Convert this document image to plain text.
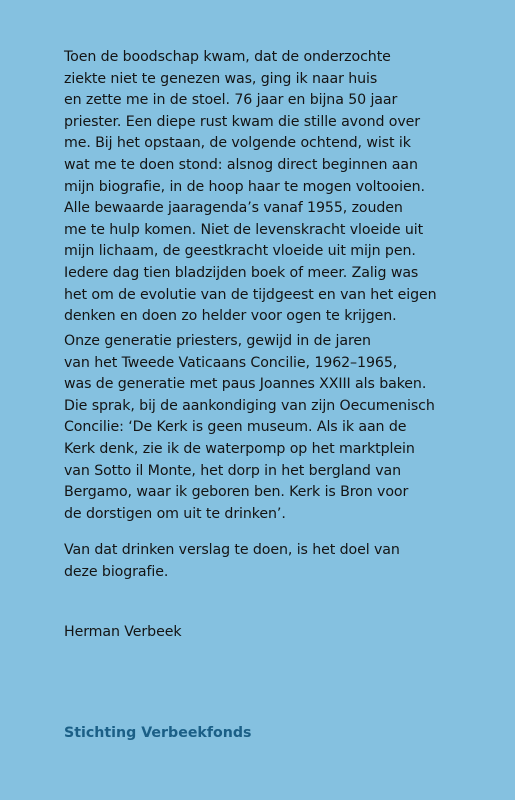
Toen de boodschap kwam, dat de onderzochte
ziekte niet te genezen was, ging ik naar huis
en zette me in de stoel. 76 jaar en bijna 50 jaar
priester. Een diepe rust kwam die stille avond over
me. Bij het opstaan, de volgende ochtend, wist ik
wat me te doen stond: alsnog direct beginnen aan
mijn biografie, in de hoop haar te mogen voltooien.
Alle bewaarde jaaragenda’s vanaf 1955, zouden
me te hulp komen. Niet de levenskracht vloeide uit
mijn lichaam, de geestkracht vloeide uit mijn pen.
Iedere dag tien bladzijden boek of meer. Zalig was
het om de evolutie van de tijdgeest en van het eigen
denken en doen zo helder voor ogen te krijgen.
Onze generatie priesters, gewijd in de jaren
van het Tweede Vaticaans Concilie, 1962–1965,
was de generatie met paus Joannes XXIII als baken.
Die sprak, bij de aankondiging van zijn Oecumenisch
Concilie: ‘De Kerk is geen museum. Als ik aan de
Kerk denk, zie ik de waterpomp op het marktplein
van Sotto il Monte, het dorp in het bergland van
Bergamo, waar ik geboren ben. Kerk is Bron voor
de dorstigen om uit te drinken’.
Van dat drinken verslag te doen, is het doel van
deze biografie.
Herman Verbeek
Stichting Verbeekfonds
